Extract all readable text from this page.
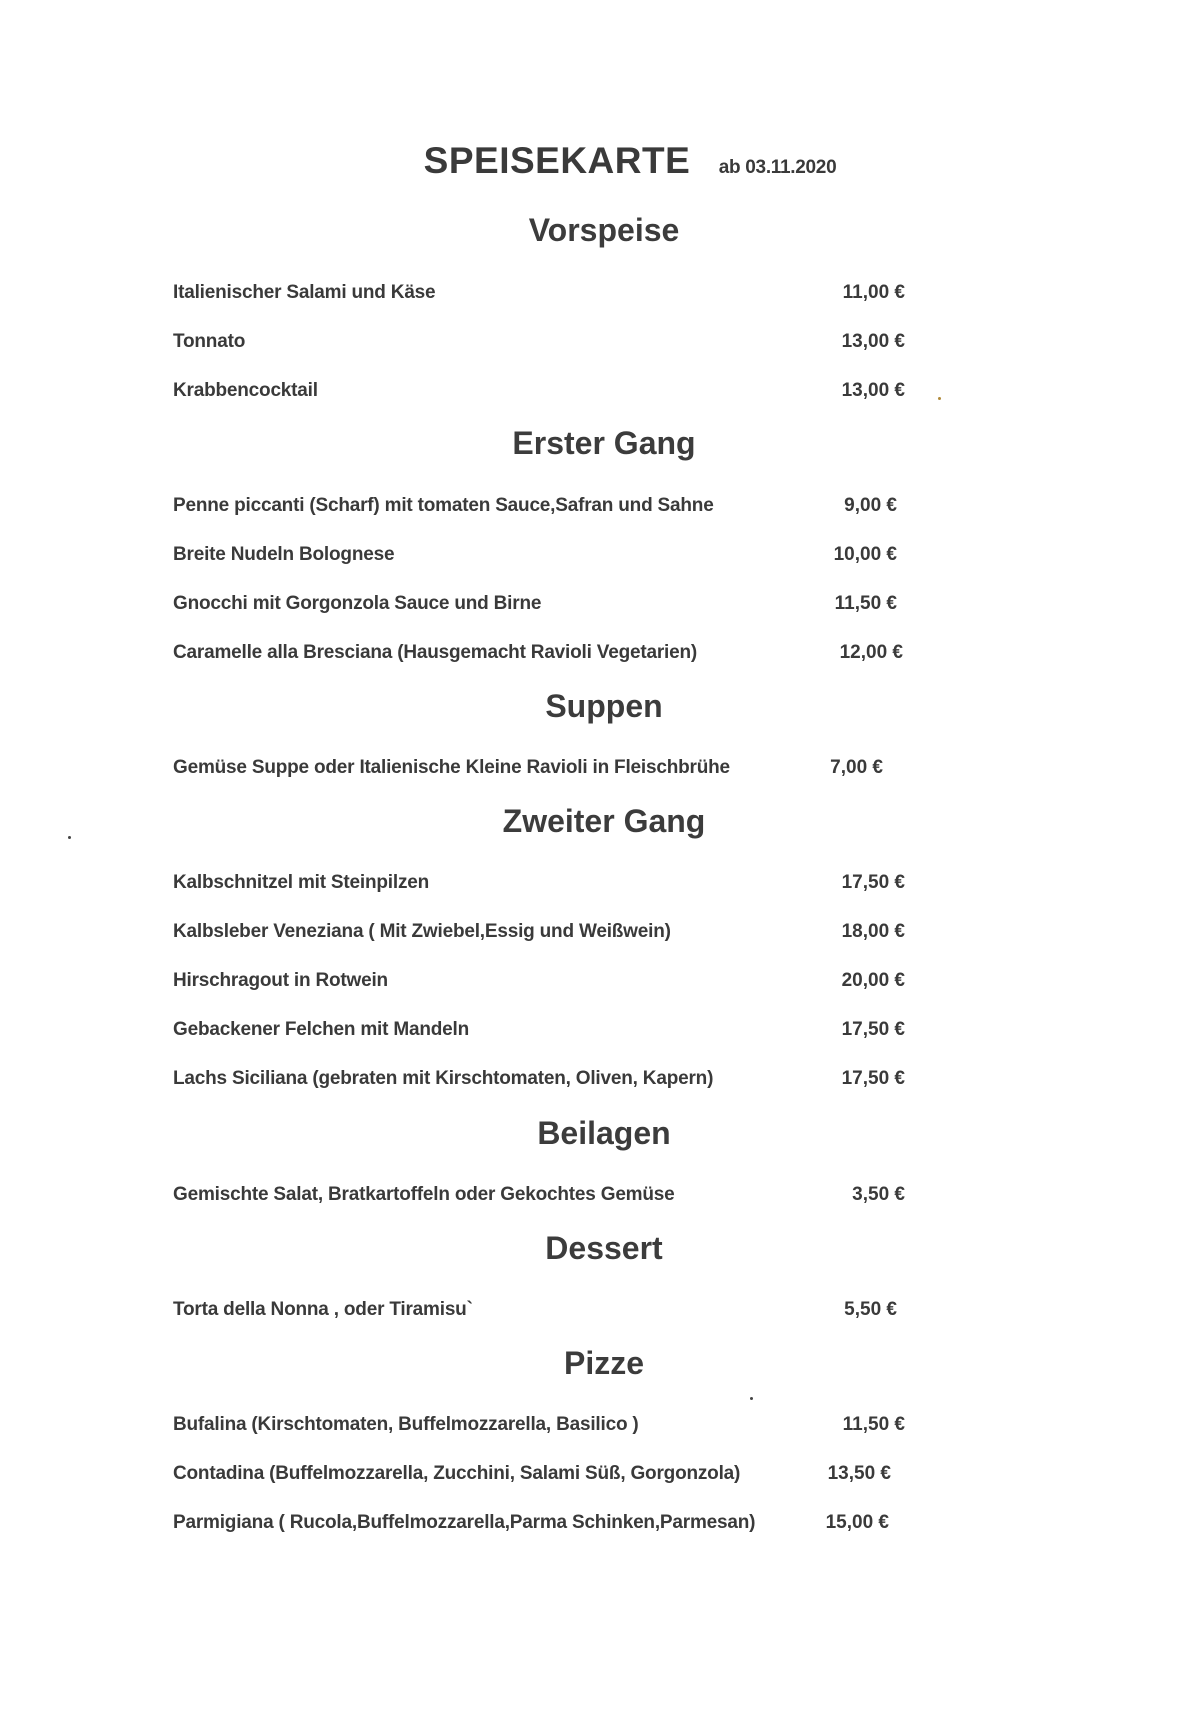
SPEISEKARTE ab 03.11.2020
Vorspeise
Italienischer Salami und Käse	11,00 €
Tonnato	13,00 €
Krabbencocktail	13,00 €
Erster Gang
Penne piccanti (Scharf) mit tomaten Sauce,Safran und Sahne	9,00 €
Breite Nudeln Bolognese	10,00 €
Gnocchi mit Gorgonzola Sauce und Birne	11,50 €
Caramelle alla Bresciana (Hausgemacht Ravioli Vegetarien)	12,00 €
Suppen
Gemüse Suppe oder Italienische Kleine Ravioli in Fleischbrühe	7,00 €
Zweiter Gang
Kalbschnitzel mit Steinpilzen	17,50 €
Kalbsleber Veneziana ( Mit Zwiebel,Essig und Weißwein)	18,00 €
Hirschragout in Rotwein	20,00 €
Gebackener Felchen mit Mandeln	17,50 €
Lachs Siciliana (gebraten mit Kirschtomaten, Oliven, Kapern)	17,50 €
Beilagen
Gemischte Salat, Bratkartoffeln oder Gekochtes Gemüse	3,50 €
Dessert
Torta della Nonna , oder Tiramisu`	5,50 €
Pizze
Bufalina (Kirschtomaten, Buffelmozzarella, Basilico )	11,50 €
Contadina (Buffelmozzarella, Zucchini, Salami Süß, Gorgonzola)	13,50 €
Parmigiana ( Rucola,Buffelmozzarella,Parma Schinken,Parmesan)	15,00 €
